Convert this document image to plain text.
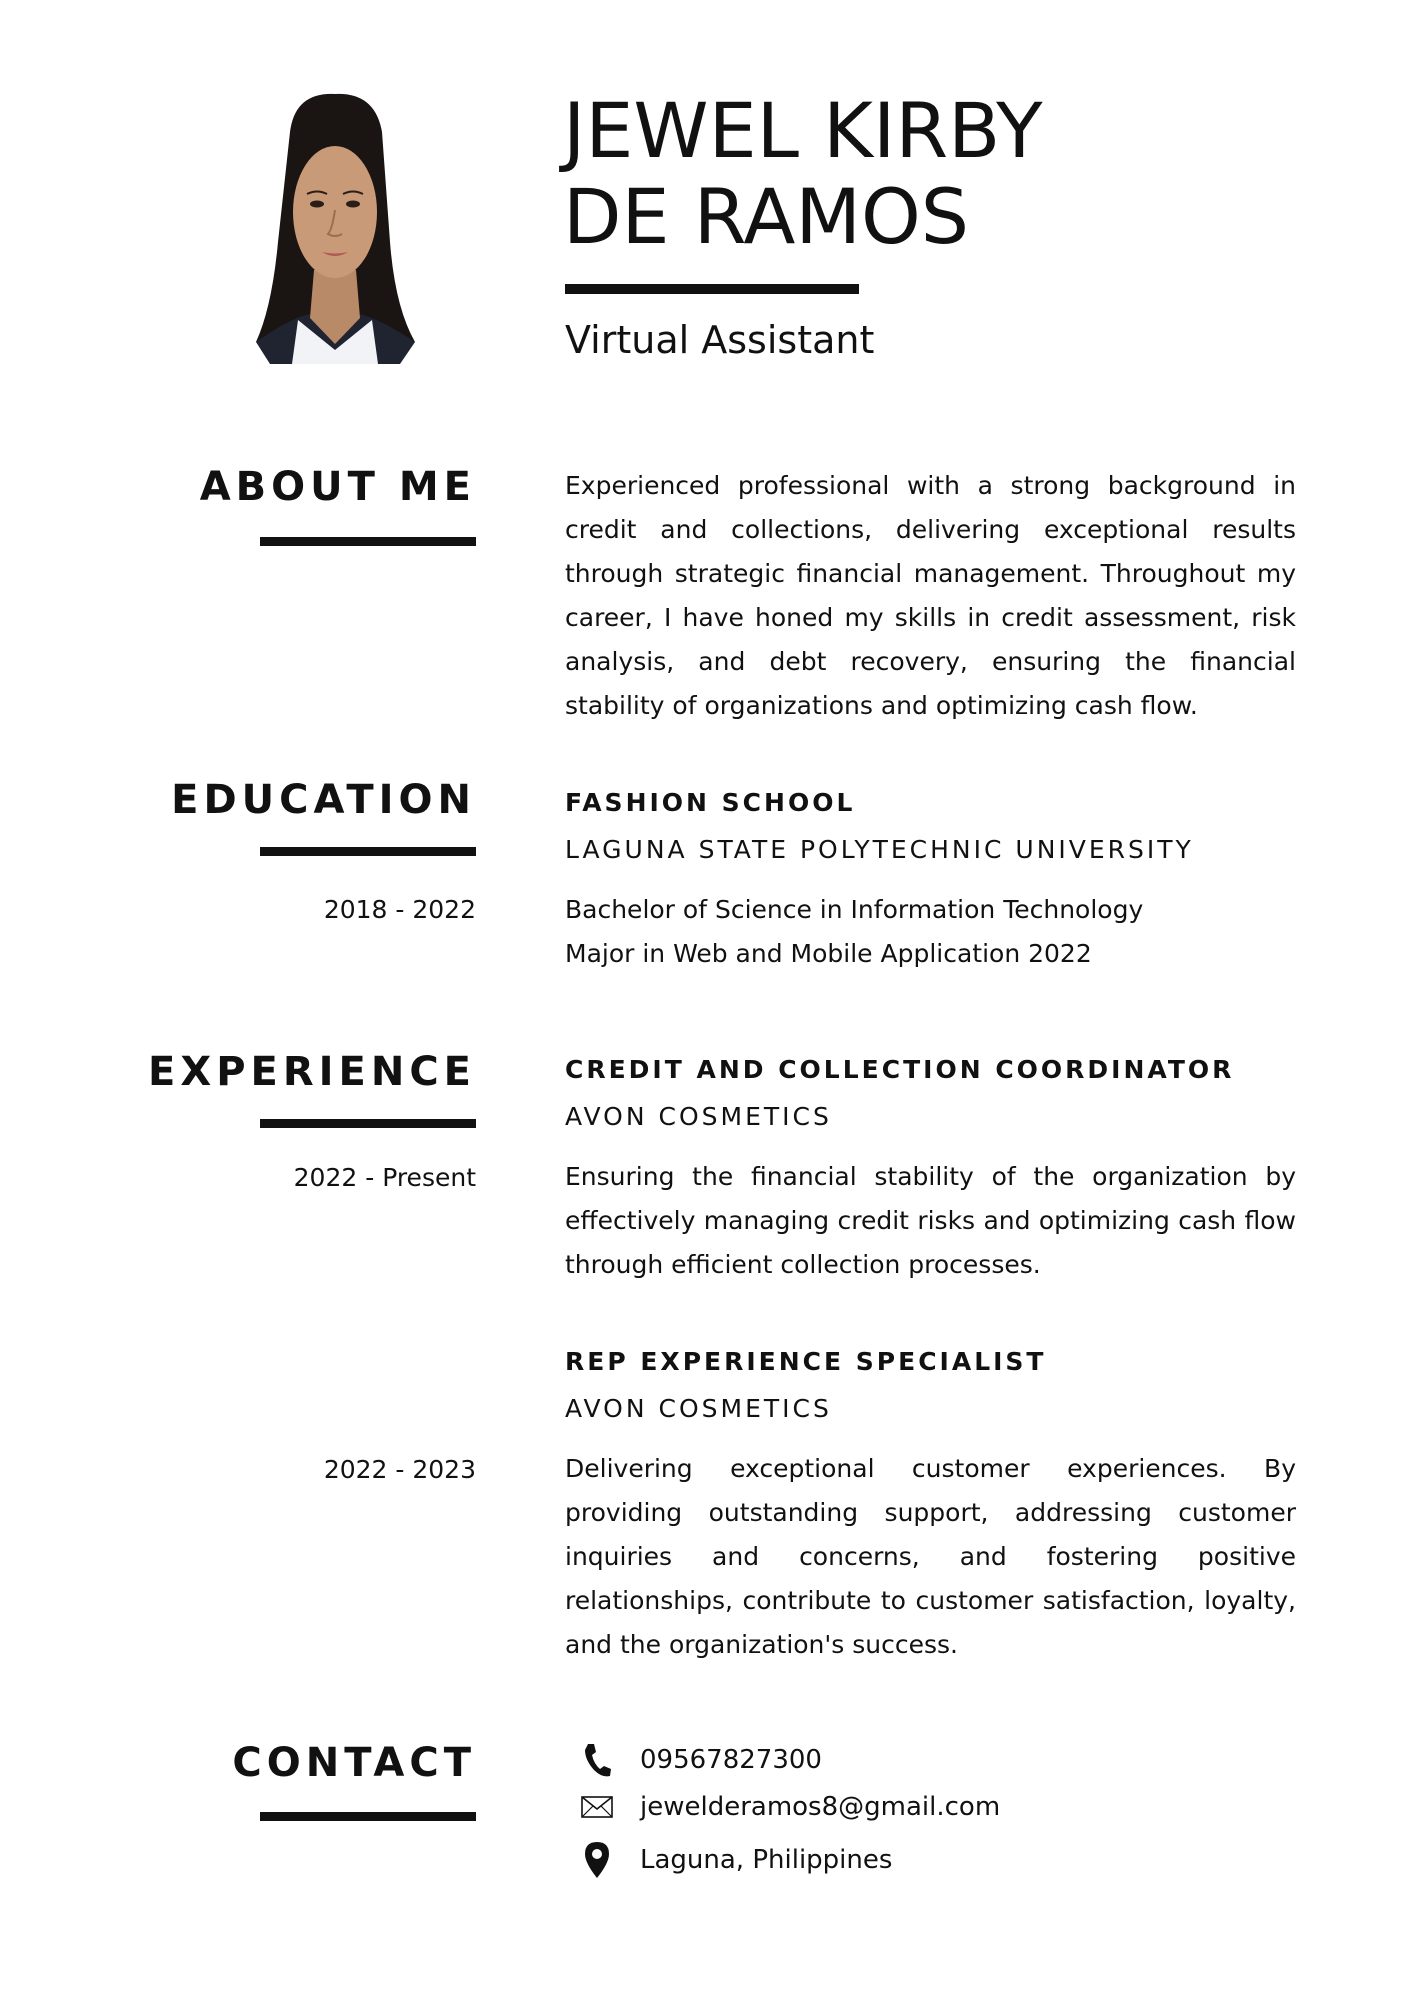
JEWEL KIRBY
DE RAMOS
Virtual Assistant
ABOUT ME	Experienced professional with a strong background in credit and collections, delivering exceptional results through strategic financial management. Throughout my career, I have honed my skills in credit assessment, risk analysis, and debt recovery, ensuring the financial stability of organizations and optimizing cash flow.
EDUCATION	FASHION SCHOOL
LAGUNA STATE POLYTECHNIC UNIVERSITY
2018 - 2022	Bachelor of Science in Information Technology
Major in Web and Mobile Application 2022
EXPERIENCE	CREDIT AND COLLECTION COORDINATOR
AVON COSMETICS
2022 - Present	Ensuring the financial stability of the organization by effectively managing credit risks and optimizing cash flow through efficient collection processes.
REP EXPERIENCE SPECIALIST
AVON COSMETICS
2022 - 2023	Delivering exceptional customer experiences. By providing outstanding support, addressing customer inquiries and concerns, and fostering positive relationships, contribute to customer satisfaction, loyalty, and the organization's success.
CONTACT	09567827300
jewelderamos8@gmail.com
Laguna, Philippines
